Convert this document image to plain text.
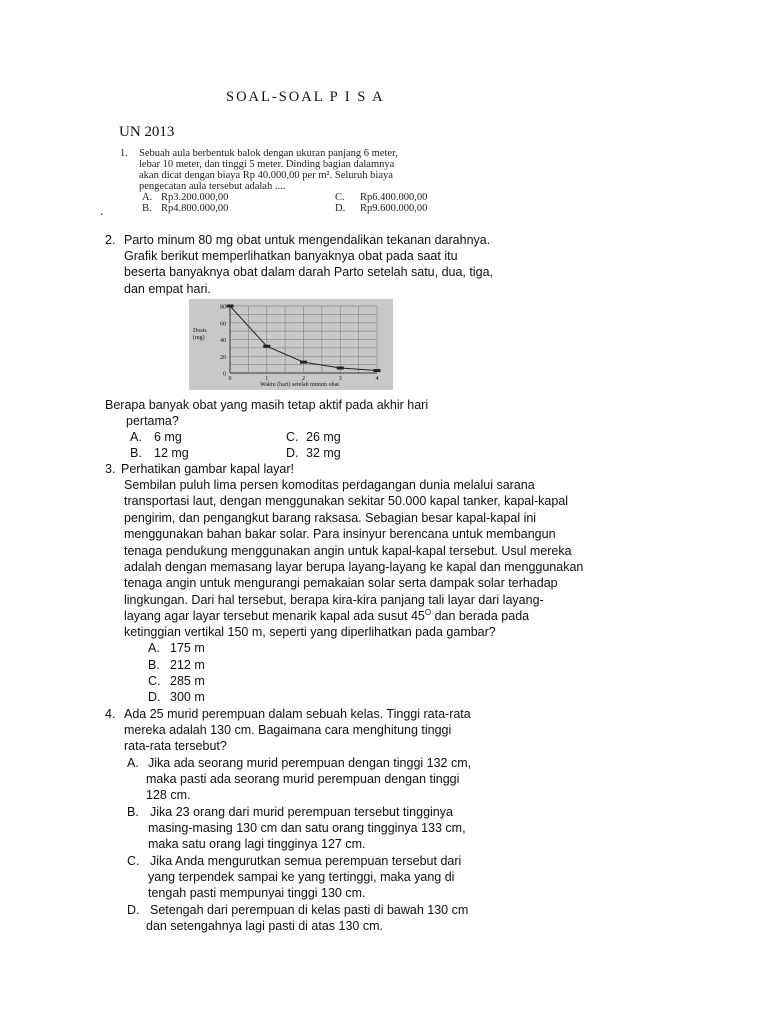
SOAL-SOAL P I S A
UN 2013
1. Sebuah aula berbentuk balok dengan ukuran panjang 6 meter,
lebar 10 meter, dan tinggi 5 meter. Dinding bagian dalamnya
akan dicat dengan biaya Rp 40.000,00 per m². Seluruh biaya
pengecatan aula tersebut adalah ....
A. Rp3.200.000,00	C. Rp6.400.000,00
B. Rp4.800.000,00	D. Rp9.600.000,00
.
2. Parto minum 80 mg obat untuk mengendalikan tekanan darahnya.
Grafik berikut memperlihatkan banyaknya obat pada saat itu
beserta banyaknya obat dalam darah Parto setelah satu, dua, tiga,
dan empat hari.
0
20
40
60
80
0	1	2	3	4
Dosis
(mg)
Waktu (hari) setelah minum obat
Berapa banyak obat yang masih tetap aktif pada akhir hari
pertama?
A. 6 mg	C. 26 mg
B. 12 mg	D. 32 mg
3. Perhatikan gambar kapal layar!
Sembilan puluh lima persen komoditas perdagangan dunia melalui sarana
transportasi laut, dengan menggunakan sekitar 50.000 kapal tanker, kapal-kapal
pengirim, dan pengangkut barang raksasa. Sebagian besar kapal-kapal ini
menggunakan bahan bakar solar. Para insinyur berencana untuk membangun
tenaga pendukung menggunakan angin untuk kapal-kapal tersebut. Usul mereka
adalah dengan memasang layar berupa layang-layang ke kapal dan menggunakan
tenaga angin untuk mengurangi pemakaian solar serta dampak solar terhadap
lingkungan. Dari hal tersebut, berapa kira-kira panjang tali layar dari layang-
layang agar layar tersebut menarik kapal ada susut $45^O$ dan berada pada
ketinggian vertikal 150 m, seperti yang diperlihatkan pada gambar?
A. 175 m
B. 212 m
C. 285 m
D. 300 m
4. Ada 25 murid perempuan dalam sebuah kelas. Tinggi rata-rata
mereka adalah 130 cm. Bagaimana cara menghitung tinggi
rata-rata tersebut?
A. Jika ada seorang murid perempuan dengan tinggi 132 cm,
maka pasti ada seorang murid perempuan dengan tinggi
128 cm.
B. Jika 23 orang dari murid perempuan tersebut tingginya
masing-masing 130 cm dan satu orang tingginya 133 cm,
maka satu orang lagi tingginya 127 cm.
C. Jika Anda mengurutkan semua perempuan tersebut dari
yang terpendek sampai ke yang tertinggi, maka yang di
tengah pasti mempunyai tinggi 130 cm.
D. Setengah dari perempuan di kelas pasti di bawah 130 cm
dan setengahnya lagi pasti di atas 130 cm.
